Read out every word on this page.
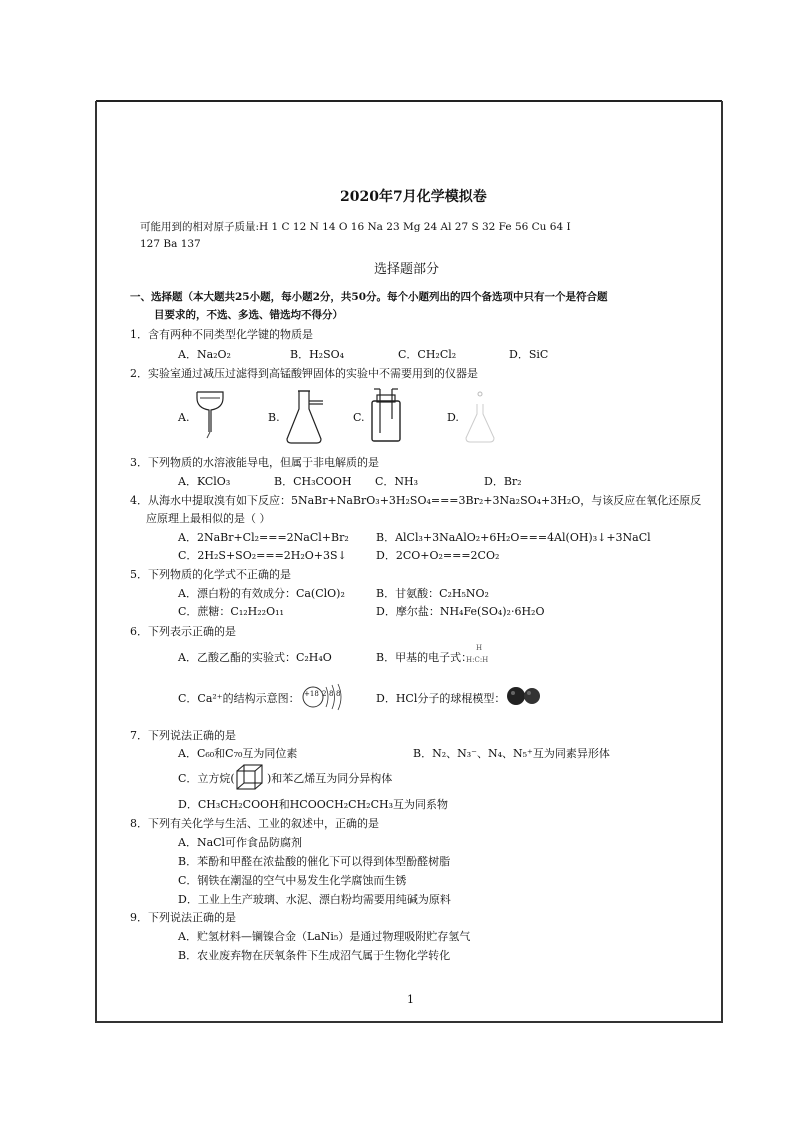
2020年7月化学模拟卷
可能用到的相对原子质量:H 1 C 12 N 14 O 16 Na 23 Mg 24 Al 27 S 32 Fe 56 Cu 64 I
127 Ba 137
选择题部分
一、选择题（本大题共25小题，每小题2分，共50分。每个小题列出的四个备选项中只有一个是符合题
目要求的，不选、多选、错选均不得分）
1．含有两种不同类型化学键的物质是
A．Na₂O₂	B．H₂SO₄	C．CH₂Cl₂	D．SiC
2．实验室通过减压过滤得到高锰酸钾固体的实验中不需要用到的仪器是
A.	B.	C.	D.
3．下列物质的水溶液能导电，但属于非电解质的是
A．KClO₃	B．CH₃COOH C．NH₃	D．Br₂
4．从海水中提取溴有如下反应：5NaBr+NaBrO₃+3H₂SO₄===3Br₂+3Na₂SO₄+3H₂O，与该反应在氧化还原反
应原理上最相似的是（ ）
A．2NaBr+Cl₂===2NaCl+Br₂ B．AlCl₃+3NaAlO₂+6H₂O===4Al(OH)₃↓+3NaCl
C．2H₂S+SO₂===2H₂O+3S↓	D．2CO+O₂===2CO₂
5．下列物质的化学式不正确的是
A．漂白粉的有效成分：Ca(ClO)₂	B．甘氨酸：C₂H₅NO₂
C．蔗糖：C₁₂H₂₂O₁₁	D．摩尔盐：NH₄Fe(SO₄)₂·6H₂O
6．下列表示正确的是
A．乙酸乙酯的实验式：C₂H₄O	B．甲基的电子式：
H
H:C:H
C．Ca²⁺的结构示意图： +18 2 8 8	D．HCl分子的球棍模型：
7．下列说法正确的是
A．C₆₀和C₇₀互为同位素	B．N₂、N₃⁻、N₄、N₅⁺互为同素异形体
C．立方烷(	)和苯乙烯互为同分异构体
D．CH₃CH₂COOH和HCOOCH₂CH₂CH₃互为同系物
8．下列有关化学与生活、工业的叙述中，正确的是
A．NaCl可作食品防腐剂
B．苯酚和甲醛在浓盐酸的催化下可以得到体型酚醛树脂
C．钢铁在潮湿的空气中易发生化学腐蚀而生锈
D．工业上生产玻璃、水泥、漂白粉均需要用纯碱为原料
9．下列说法正确的是
A．贮氢材料—镧镍合金（LaNi₅）是通过物理吸附贮存氢气
B．农业废弃物在厌氧条件下生成沼气属于生物化学转化
1
